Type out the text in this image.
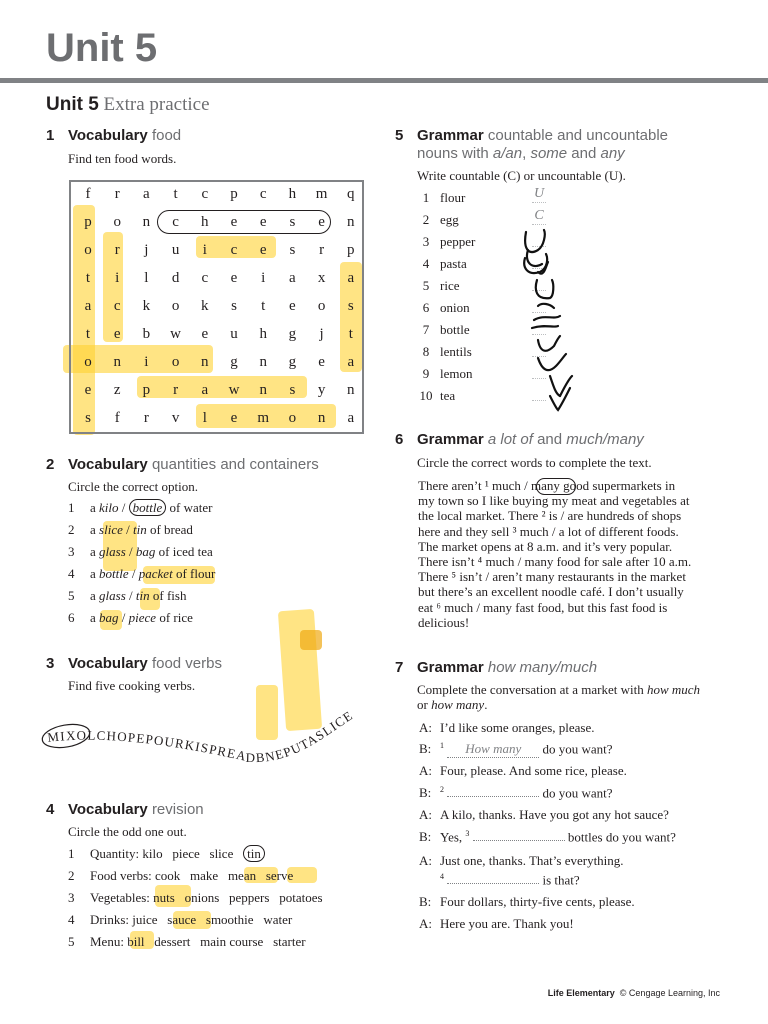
Unit 5
Unit 5 Extra practice
1 Vocabulary food
Find ten food words.
f	r	a	t	c	p	c	h	m	q
p	o	n	c	h	e	e	s	e	n
o	r	j	u	i	c	e	s	r	p
t	i	l	d	c	e	i	a	x	a
a	c	k	o	k	s	t	e	o	s
t	e	b	w	e	u	h	g	j	t
o	n	i	o	n	g	n	g	e	a
e	z	p	r	a	w	n	s	y	n
s	f	r	v	l	e	m	o	n	a
2 Vocabulary quantities and containers
Circle the correct option.
1 a kilo / bottle of water
2 a slice / tin of bread
3 a glass / bag of iced tea
4 a bottle / packet of flour
5 a glass / tin of fish
6 a bag / piece of rice
3 Vocabulary food verbs
Find five cooking verbs.
MIXOLCHOPEPOURKISPREADBNEPUTASLICE
4 Vocabulary revision
Circle the odd one out.
1 Quantity: kilo piece slice tin
2 Food verbs: cook make mean serve
3 Vegetables: nuts onions peppers potatoes
4 Drinks: juice sauce smoothie water
5 Menu: bill dessert main course starter
5 Grammar countable and uncountable
nouns with a/an, some and any
Write countable (C) or uncountable (U).
1 flour	U
2 egg	C
3 pepper
4 pasta
5 rice
6 onion
7 bottle
8 lentils
9 lemon
10 tea
6 Grammar a lot of and much/many
Circle the correct words to complete the text.
There aren’t ¹ much / many good supermarkets in
my town so I like buying my meat and vegetables at
the local market. There ² is / are hundreds of shops
here and they sell ³ much / a lot of different foods.
The market opens at 8 a.m. and it’s very popular.
There isn’t ⁴ much / many food for sale after 10 a.m.
There ⁵ isn’t / aren’t many restaurants in the market
but there’s an excellent noodle café. I don’t usually
eat ⁶ much / many fast food, but this fast food is
delicious!
7 Grammar how many/much
Complete the conversation at a market with how much
or how many.
A: I’d like some oranges, please.
B: $^1$ How many do you want?
A: Four, please. And some rice, please.
B: $^2$	do you want?
A: A kilo, thanks. Have you got any hot sauce?
B: Yes, $^3$	bottles do you want?
A: Just one, thanks. That’s everything.
$^4$	is that?
B: Four dollars, thirty-five cents, please.
A: Here you are. Thank you!
Life Elementary © Cengage Learning, Inc
